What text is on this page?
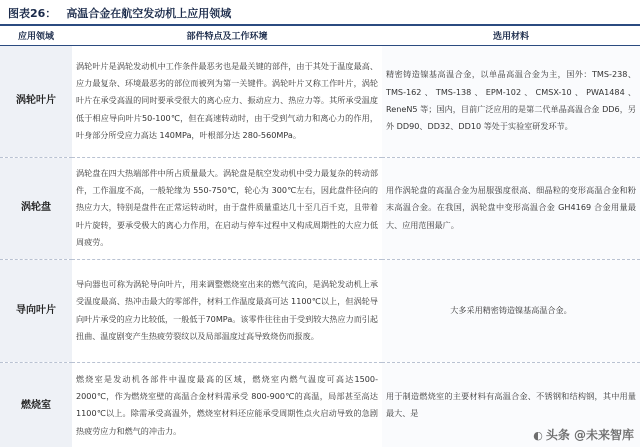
图表26： 高温合金在航空发动机上应用领域
应用领域	部件特点及工作环境	选用材料
涡轮叶片	涡轮叶片是涡轮发动机中工作条件最恶劣也是最关键的部件，由于其处于温度最高、应力最复杂、环境最恶劣的部位而被列为第一关键件。涡轮叶片又称工作叶片，涡轮叶片在承受高温的同时要承受很大的离心应力、振动应力、热应力等。其所承受温度低于相应导向叶片50-100℃，但在高速转动时，由于受到气动力和离心力的作用，叶身部分所受应力高达 140MPa，叶根部分达 280-560MPa。	精密铸造镍基高温合金，以单晶高温合金为主，国外：TMS-238、TMS-162、TMS-138、EPM-102、CMSX-10、PWA1484、ReneN5 等；国内，目前广泛应用的是第二代单晶高温合金 DD6，另外 DD90、DD32、DD10 等处于实验室研发环节。
涡轮盘	涡轮盘在四大热端部件中所占质量最大。涡轮盘是航空发动机中受力最复杂的转动部件，工作温度不高，一般轮缘为 550-750℃，轮心为 300℃左右，因此盘件径向的热应力大，特别是盘件在正常运转动时，由于盘件质量重达几十至几百千克，且带着叶片旋转，要承受极大的离心力作用，在启动与停车过程中又构成周期性的大应力低周疲劳。	用作涡轮盘的高温合金为屈服强度很高、细晶粒的变形高温合金和粉末高温合金。在我国，涡轮盘中变形高温合金 GH4169 合金用量最大、应用范围最广。
导向叶片	导向器也可称为涡轮导向叶片，用来调整燃烧室出来的燃气流向，是涡轮发动机上承受温度最高、热冲击最大的零部件，材料工作温度最高可达 1100℃以上，但涡轮导向叶片承受的应力比较低，一般低于70MPa。该零件往往由于受到较大热应力而引起扭曲、温度剧变产生热疲劳裂纹以及局部温度过高导致烧伤而报废。	大多采用精密铸造镍基高温合金。
燃烧室	燃烧室是发动机各部件中温度最高的区域，燃烧室内燃气温度可高达1500-2000℃，作为燃烧室壁的高温合金材料需承受 800-900℃的高温，局部甚至高达 1100℃以上。除需承受高温外，燃烧室材料还应能承受周期性点火启动导致的急剧热疲劳应力和燃气的冲击力。	用于制造燃烧室的主要材料有高温合金、不锈钢和结构钢，其中用量最大、是
◐ 头条 @未来智库
